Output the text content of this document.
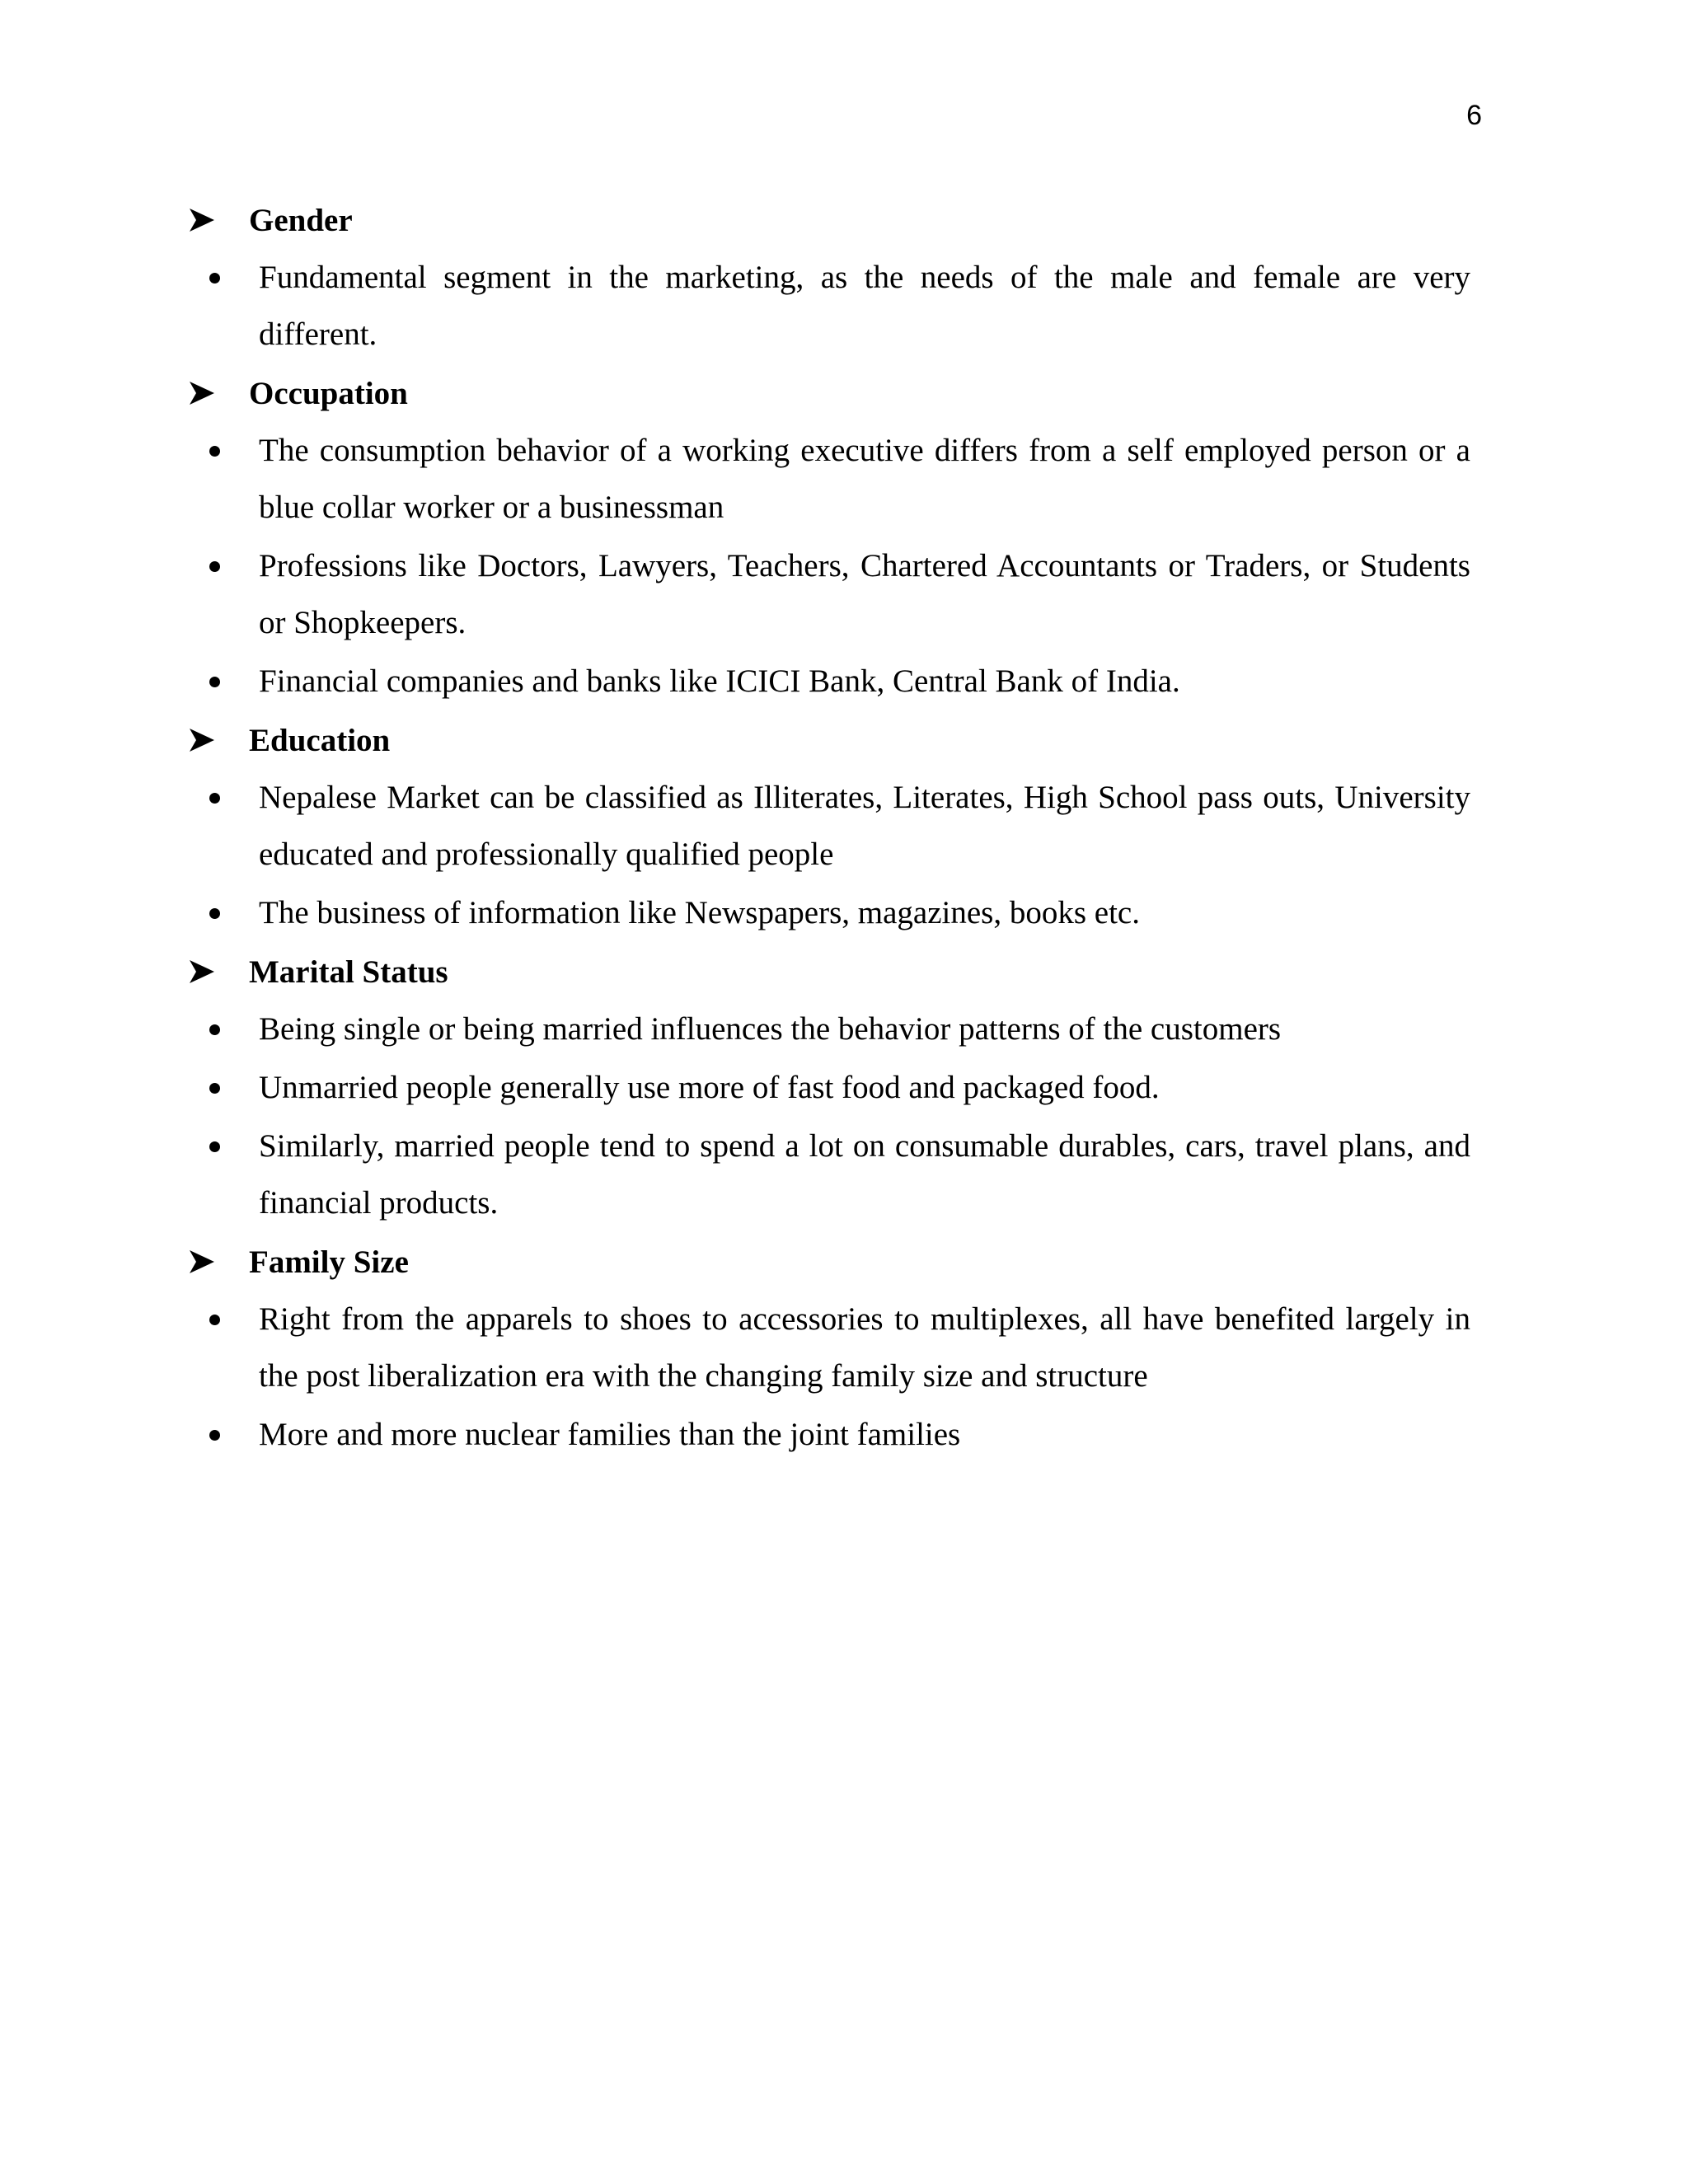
6
Gender
Fundamental segment in the marketing, as the needs of the male and female are very different.
Occupation
The consumption behavior of a working executive differs from a self employed person or a blue collar worker or a businessman
Professions like Doctors, Lawyers, Teachers, Chartered Accountants or Traders, or Students or Shopkeepers.
Financial companies and banks like ICICI Bank, Central Bank of India.
Education
Nepalese Market can be classified as Illiterates, Literates, High School pass outs, University educated and professionally qualified people
The business of information like Newspapers, magazines, books etc.
Marital Status
Being single or being married influences the behavior patterns of the customers
Unmarried people generally use more of fast food and packaged food.
Similarly, married people tend to spend a lot on consumable durables, cars, travel plans, and financial products.
Family Size
Right from the apparels to shoes to accessories to multiplexes, all have benefited largely in the post liberalization era with the changing family size and structure
More and more nuclear families than the joint families
